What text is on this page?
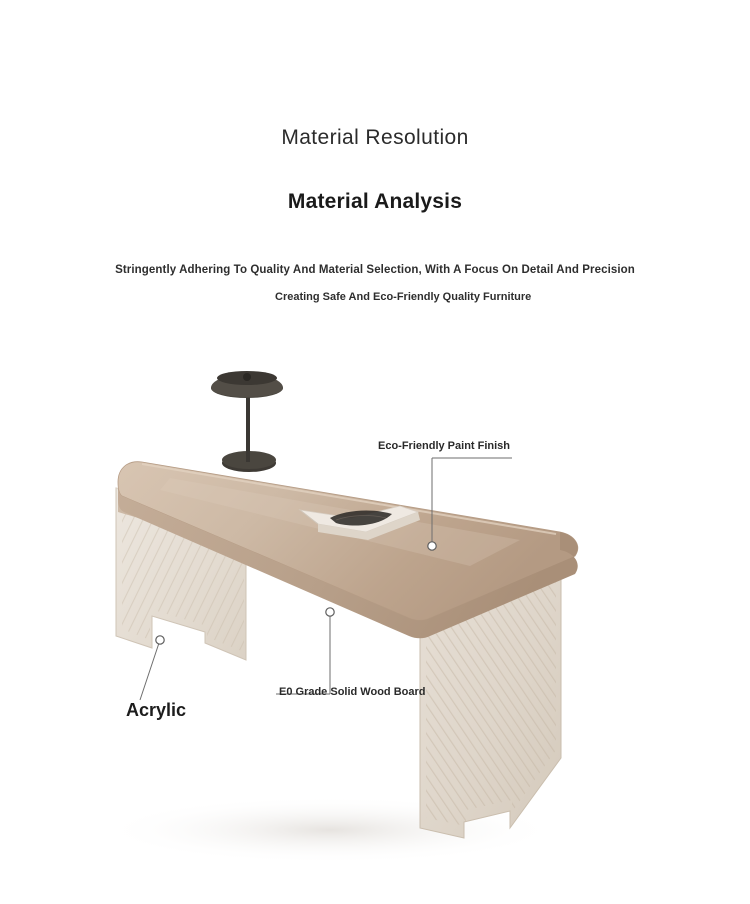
Material Resolution
Material Analysis
Stringently Adhering To Quality And Material Selection, With A Focus On Detail And Precision
Creating Safe And Eco-Friendly Quality Furniture
Eco-Friendly Paint Finish
E0 Grade Solid Wood Board
Acrylic
